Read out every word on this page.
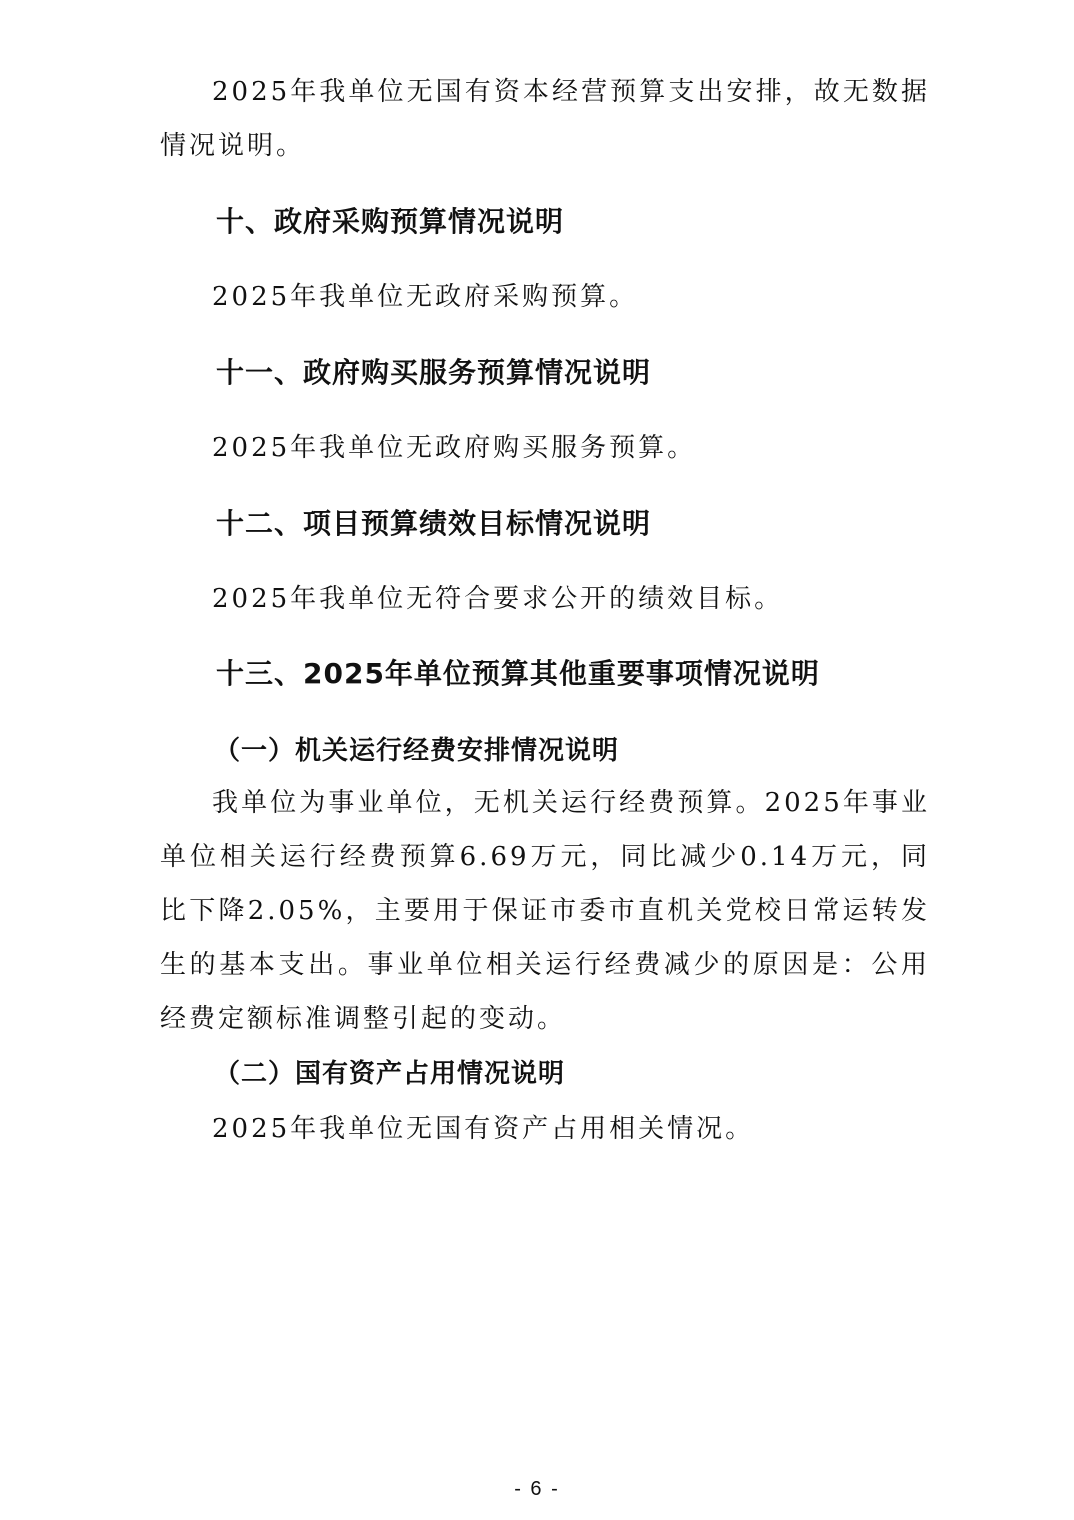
2025年我单位无国有资本经营预算支出安排，故无数据情况说明。

十、政府采购预算情况说明

2025年我单位无政府采购预算。

十一、政府购买服务预算情况说明

2025年我单位无政府购买服务预算。

十二、项目预算绩效目标情况说明

2025年我单位无符合要求公开的绩效目标。

十三、2025年单位预算其他重要事项情况说明
（一）机关运行经费安排情况说明

我单位为事业单位，无机关运行经费预算。2025年事业单位相关运行经费预算6.69万元，同比减少0.14万元，同比下降2.05%，主要用于保证市委市直机关党校日常运转发生的基本支出。事业单位相关运行经费减少的原因是：公用经费定额标准调整引起的变动。

（二）国有资产占用情况说明

2025年我单位无国有资产占用相关情况。

- 6 -
